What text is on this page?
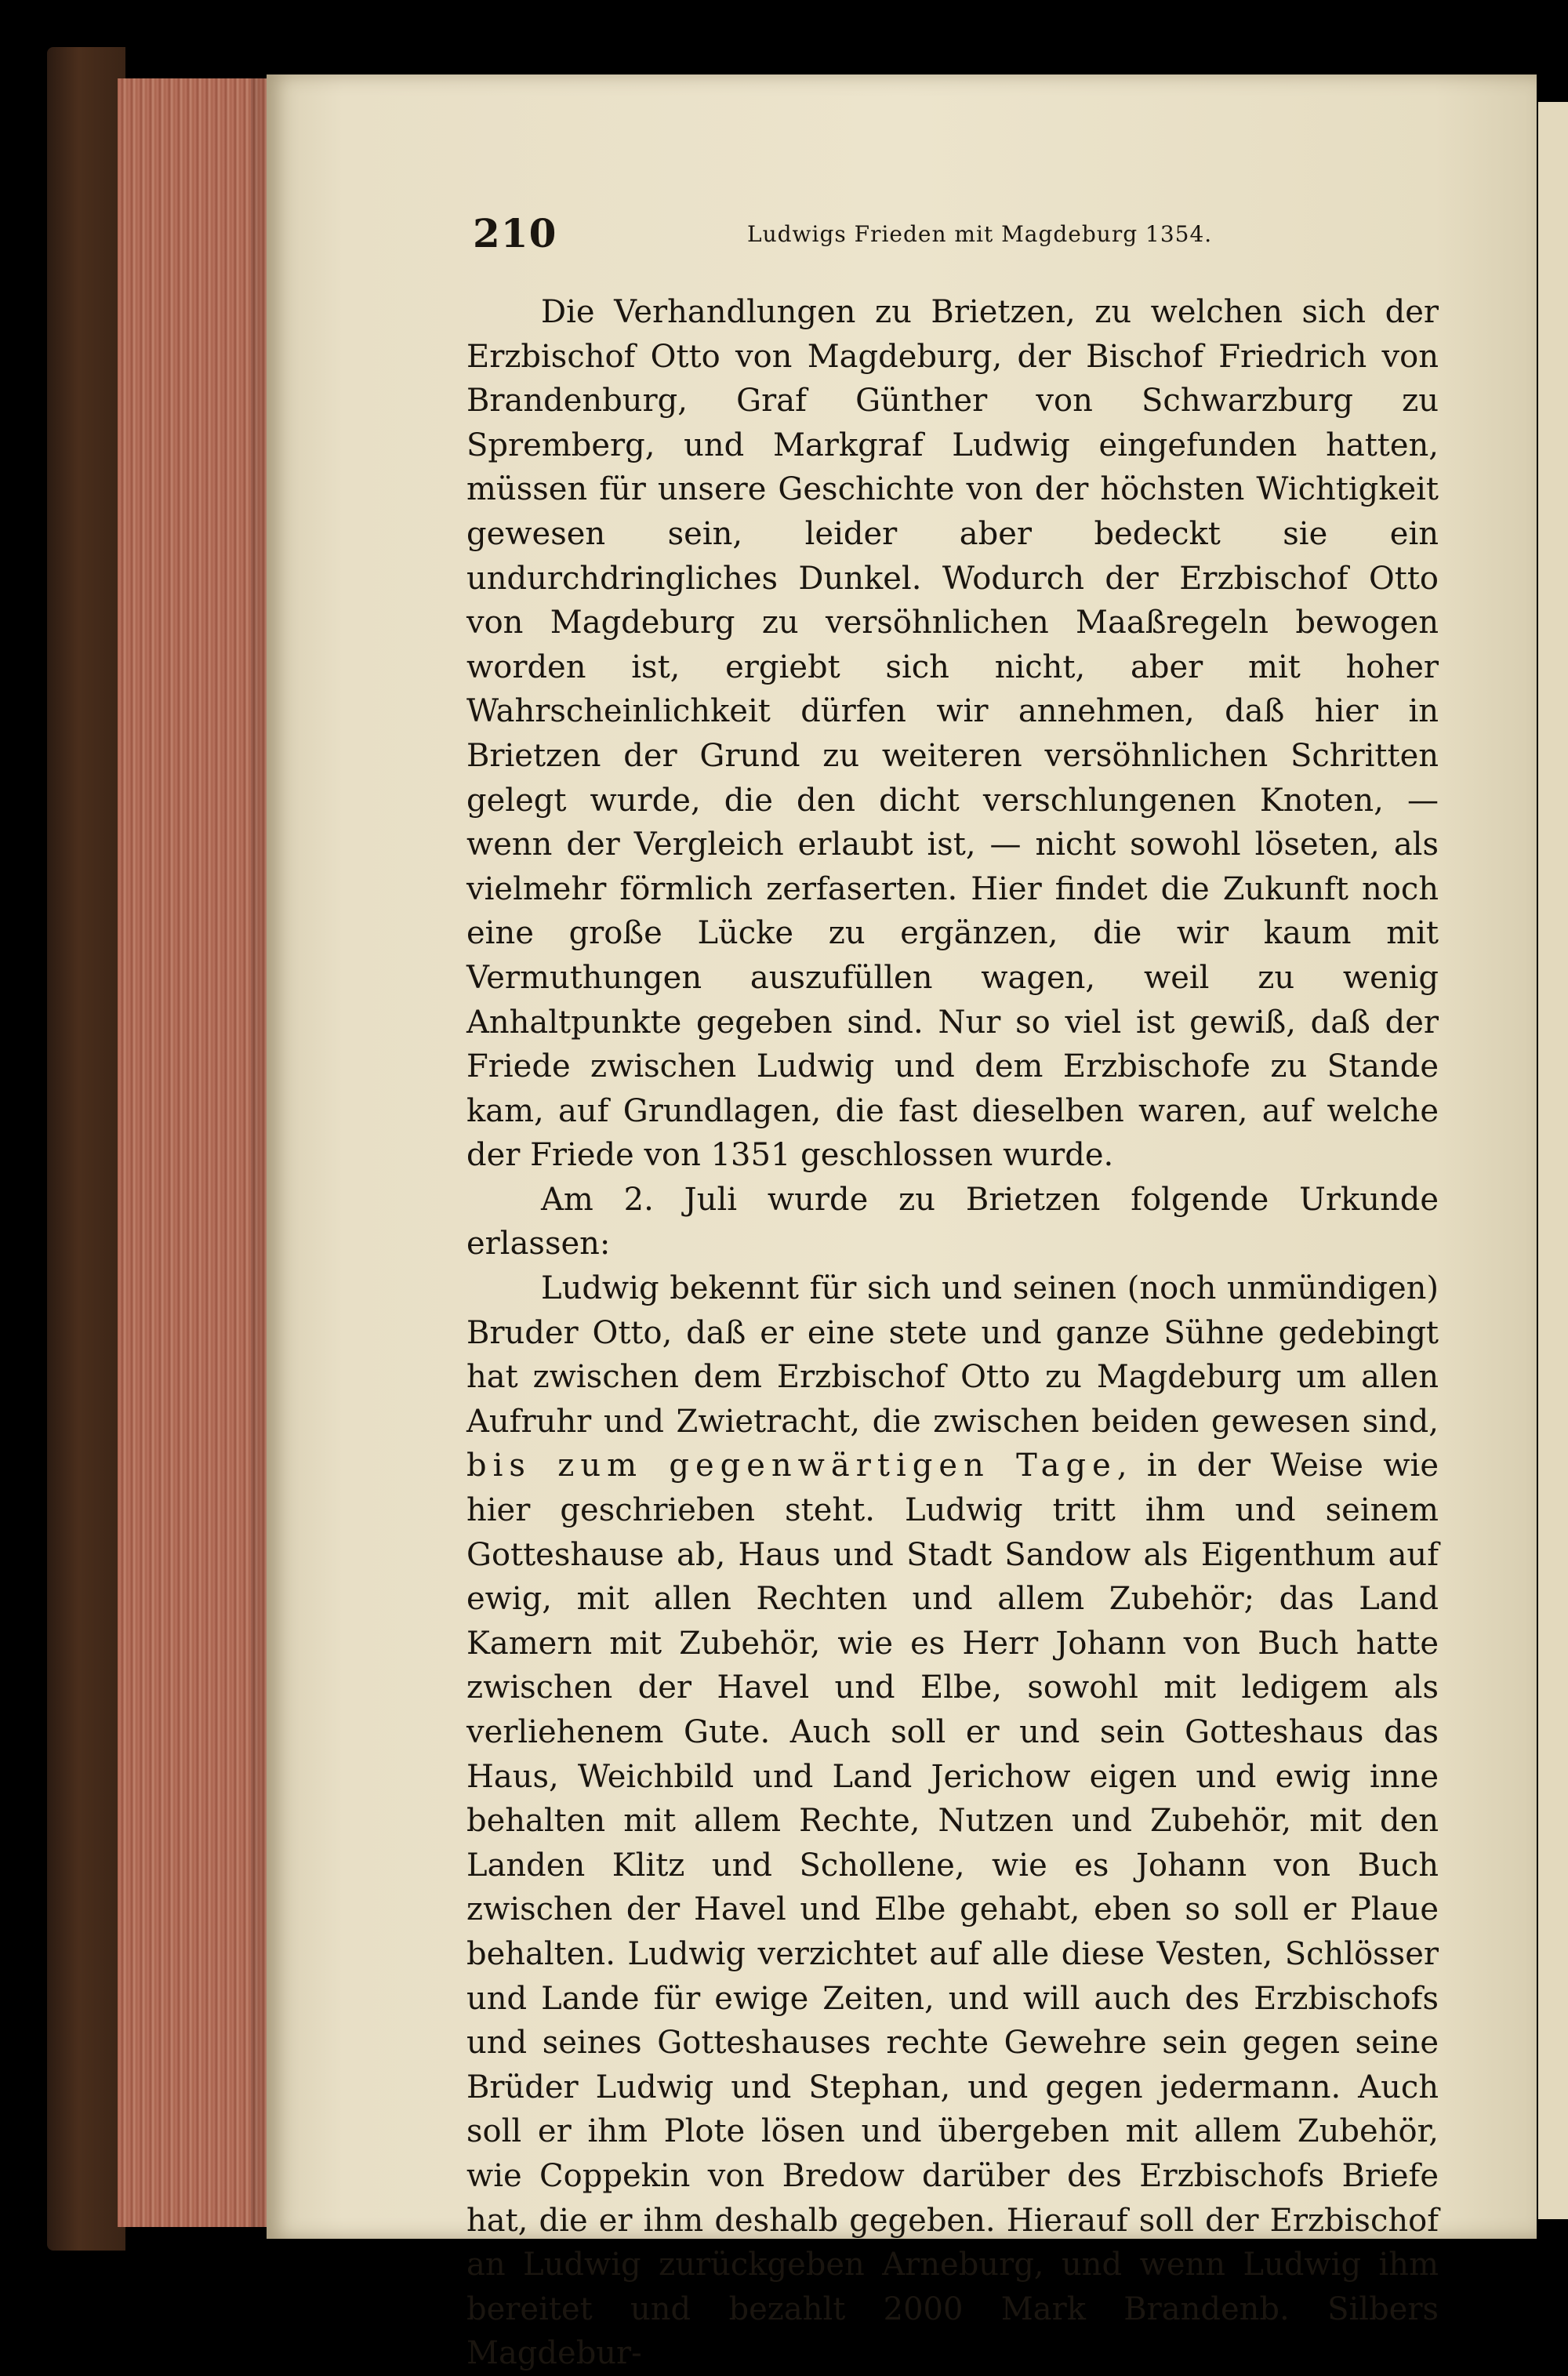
210	Ludwigs Frieden mit Magdeburg 1354.

Die Verhandlungen zu Brietzen, zu welchen sich der Erzbischof Otto von Magdeburg, der Bischof Friedrich von Brandenburg, Graf Günther von Schwarzburg zu Spremberg, und Markgraf Ludwig eingefunden hatten, müssen für unsere Geschichte von der höchsten Wichtigkeit gewesen sein, leider aber bedeckt sie ein undurchdringliches Dunkel. Wodurch der Erzbischof Otto von Magdeburg zu versöhnlichen Maaßregeln bewogen worden ist, ergiebt sich nicht, aber mit hoher Wahrscheinlichkeit dürfen wir annehmen, daß hier in Brietzen der Grund zu weiteren versöhnlichen Schritten gelegt wurde, die den dicht verschlungenen Knoten, — wenn der Vergleich erlaubt ist, — nicht sowohl löseten, als vielmehr förmlich zerfaserten. Hier findet die Zukunft noch eine große Lücke zu ergänzen, die wir kaum mit Vermuthungen auszufüllen wagen, weil zu wenig Anhaltpunkte gegeben sind. Nur so viel ist gewiß, daß der Friede zwischen Ludwig und dem Erzbischofe zu Stande kam, auf Grundlagen, die fast dieselben waren, auf welche der Friede von 1351 geschlossen wurde.

Am 2. Juli wurde zu Brietzen folgende Urkunde erlassen:

Ludwig bekennt für sich und seinen (noch unmündigen) Bruder Otto, daß er eine stete und ganze Sühne gedebingt hat zwischen dem Erzbischof Otto zu Magdeburg um allen Aufruhr und Zwietracht, die zwischen beiden gewesen sind, bis zum gegenwärtigen Tage, in der Weise wie hier geschrieben steht. Ludwig tritt ihm und seinem Gotteshause ab, Haus und Stadt Sandow als Eigenthum auf ewig, mit allen Rechten und allem Zubehör; das Land Kamern mit Zubehör, wie es Herr Johann von Buch hatte zwischen der Havel und Elbe, sowohl mit ledigem als verliehenem Gute. Auch soll er und sein Gotteshaus das Haus, Weichbild und Land Jerichow eigen und ewig inne behalten mit allem Rechte, Nutzen und Zubehör, mit den Landen Klitz und Schollene, wie es Johann von Buch zwischen der Havel und Elbe gehabt, eben so soll er Plaue behalten. Ludwig verzichtet auf alle diese Vesten, Schlösser und Lande für ewige Zeiten, und will auch des Erzbischofs und seines Gotteshauses rechte Gewehre sein gegen seine Brüder Ludwig und Stephan, und gegen jedermann. Auch soll er ihm Plote lösen und übergeben mit allem Zubehör, wie Coppekin von Bredow darüber des Erzbischofs Briefe hat, die er ihm deshalb gegeben. Hierauf soll der Erzbischof an Ludwig zurückgeben Arneburg, und wenn Ludwig ihm bereitet und bezahlt 2000 Mark Brandenb. Silbers Magdebur-
